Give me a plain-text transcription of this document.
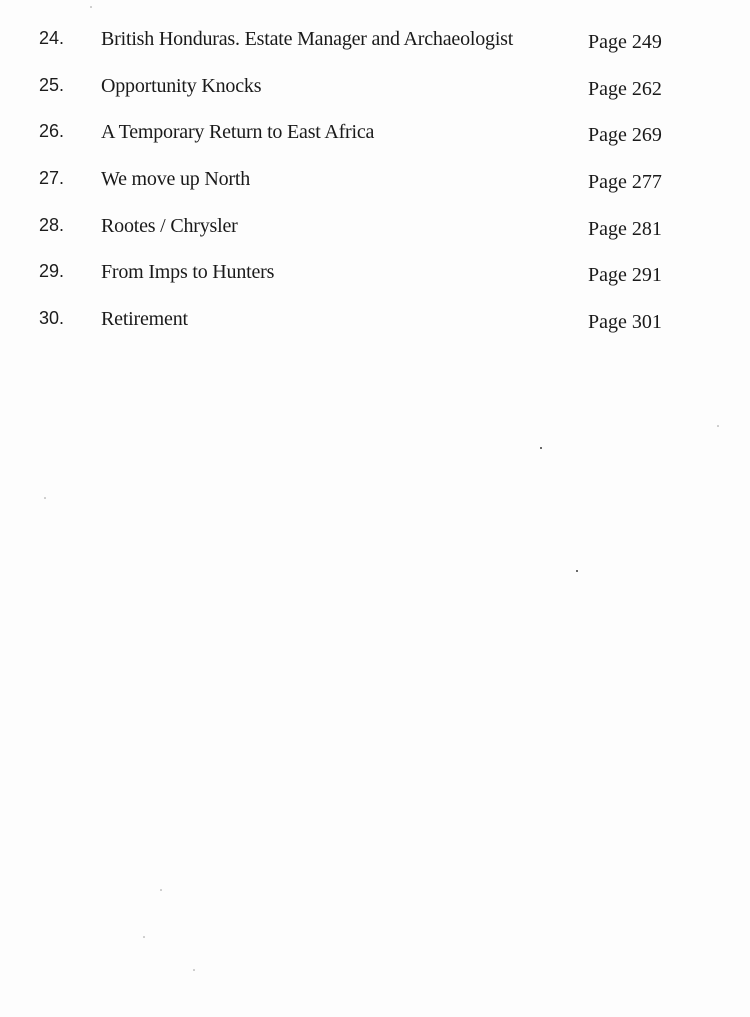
24. British Honduras. Estate Manager and Archaeologist	Page 249
25. Opportunity Knocks	Page 262
26. A Temporary Return to East Africa	Page 269
27. We move up North	Page 277
28. Rootes / Chrysler	Page 281
29. From Imps to Hunters	Page 291
30. Retirement	Page 301
